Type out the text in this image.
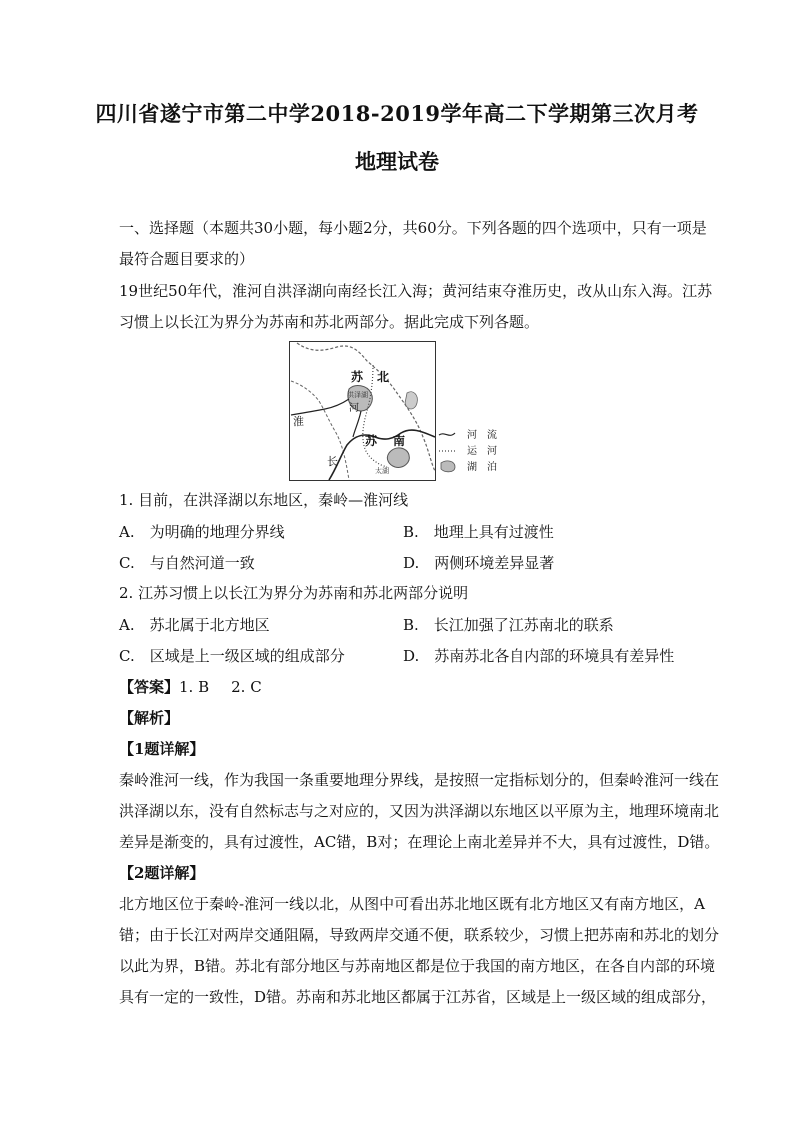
四川省遂宁市第二中学2018-2019学年高二下学期第三次月考
地理试卷
一、选择题（本题共30小题，每小题2分，共60分。下列各题的四个选项中，只有一项是
最符合题目要求的）
19世纪50年代，淮河自洪泽湖向南经长江入海；黄河结束夺淮历史，改从山东入海。江苏
习惯上以长江为界分为苏南和苏北两部分。据此完成下列各题。
苏 北
洪泽湖
淮
河
苏 南
长
太湖
河　流
运　河
湖　泊
1. 目前，在洪泽湖以东地区，秦岭—淮河线
A.　为明确的地理分界线	B.　地理上具有过渡性
C.　与自然河道一致	D.　两侧环境差异显著
2. 江苏习惯上以长江为界分为苏南和苏北两部分说明
A.　苏北属于北方地区	B.　长江加强了江苏南北的联系
C.　区域是上一级区域的组成部分	D.　苏南苏北各自内部的环境具有差异性
【答案】1. B 2. C
【解析】
【1题详解】
秦岭淮河一线，作为我国一条重要地理分界线，是按照一定指标划分的，但秦岭淮河一线在
洪泽湖以东，没有自然标志与之对应的，又因为洪泽湖以东地区以平原为主，地理环境南北
差异是渐变的，具有过渡性，AC错，B对；在理论上南北差异并不大，具有过渡性，D错。
【2题详解】
北方地区位于秦岭-淮河一线以北，从图中可看出苏北地区既有北方地区又有南方地区，A
错；由于长江对两岸交通阻隔，导致两岸交通不便，联系较少，习惯上把苏南和苏北的划分
以此为界，B错。苏北有部分地区与苏南地区都是位于我国的南方地区，在各自内部的环境
具有一定的一致性，D错。苏南和苏北地区都属于江苏省，区域是上一级区域的组成部分，
